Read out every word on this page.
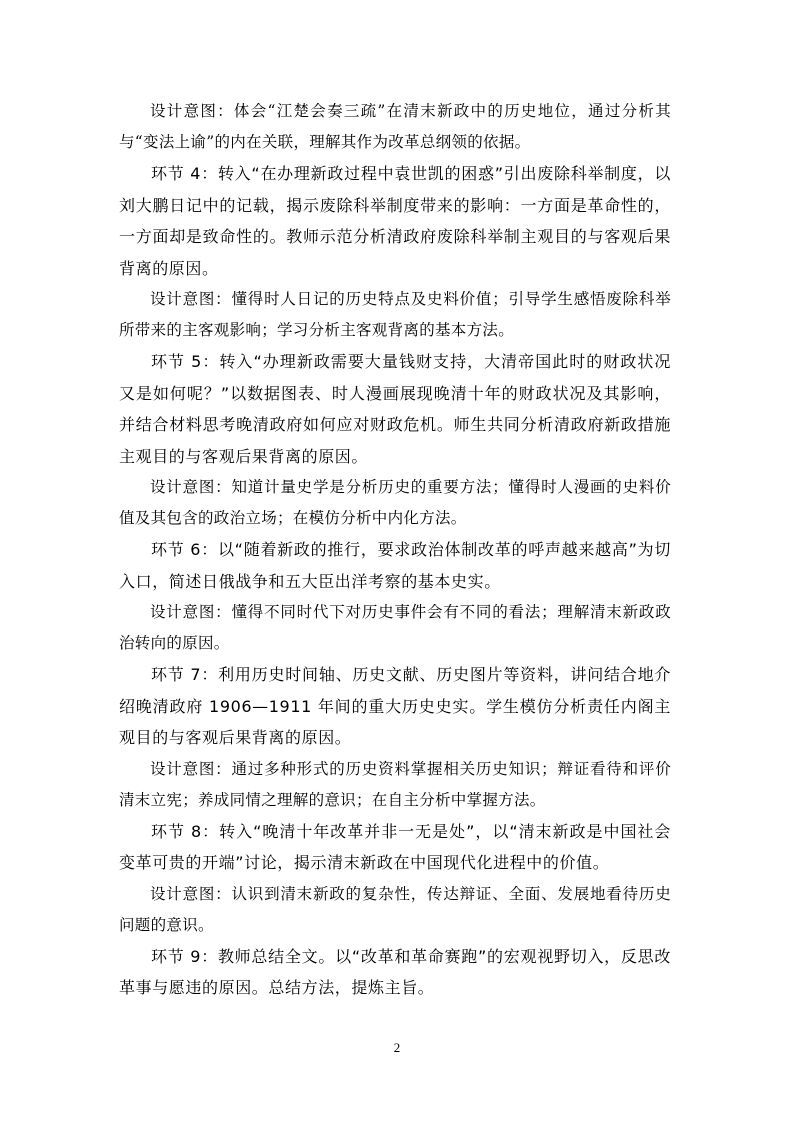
设计意图：体会“江楚会奏三疏”在清末新政中的历史地位，通过分析其与“变法上谕”的内在关联，理解其作为改革总纲领的依据。

环节 4：转入“在办理新政过程中袁世凯的困惑”引出废除科举制度，以刘大鹏日记中的记载，揭示废除科举制度带来的影响：一方面是革命性的，一方面却是致命性的。教师示范分析清政府废除科举制主观目的与客观后果背离的原因。

设计意图：懂得时人日记的历史特点及史料价值；引导学生感悟废除科举所带来的主客观影响；学习分析主客观背离的基本方法。

环节 5：转入“办理新政需要大量钱财支持，大清帝国此时的财政状况又是如何呢？”以数据图表、时人漫画展现晚清十年的财政状况及其影响，并结合材料思考晚清政府如何应对财政危机。师生共同分析清政府新政措施主观目的与客观后果背离的原因。

设计意图：知道计量史学是分析历史的重要方法；懂得时人漫画的史料价值及其包含的政治立场；在模仿分析中内化方法。

环节 6：以“随着新政的推行，要求政治体制改革的呼声越来越高”为切入口，简述日俄战争和五大臣出洋考察的基本史实。

设计意图：懂得不同时代下对历史事件会有不同的看法；理解清末新政政治转向的原因。

环节 7：利用历史时间轴、历史文献、历史图片等资料，讲问结合地介绍晚清政府 1906—1911 年间的重大历史史实。学生模仿分析责任内阁主观目的与客观后果背离的原因。

设计意图：通过多种形式的历史资料掌握相关历史知识；辩证看待和评价清末立宪；养成同情之理解的意识；在自主分析中掌握方法。

环节 8：转入“晚清十年改革并非一无是处”，以“清末新政是中国社会变革可贵的开端”讨论，揭示清末新政在中国现代化进程中的价值。

设计意图：认识到清末新政的复杂性，传达辩证、全面、发展地看待历史问题的意识。

环节 9：教师总结全文。以“改革和革命赛跑”的宏观视野切入，反思改革事与愿违的原因。总结方法，提炼主旨。

2
